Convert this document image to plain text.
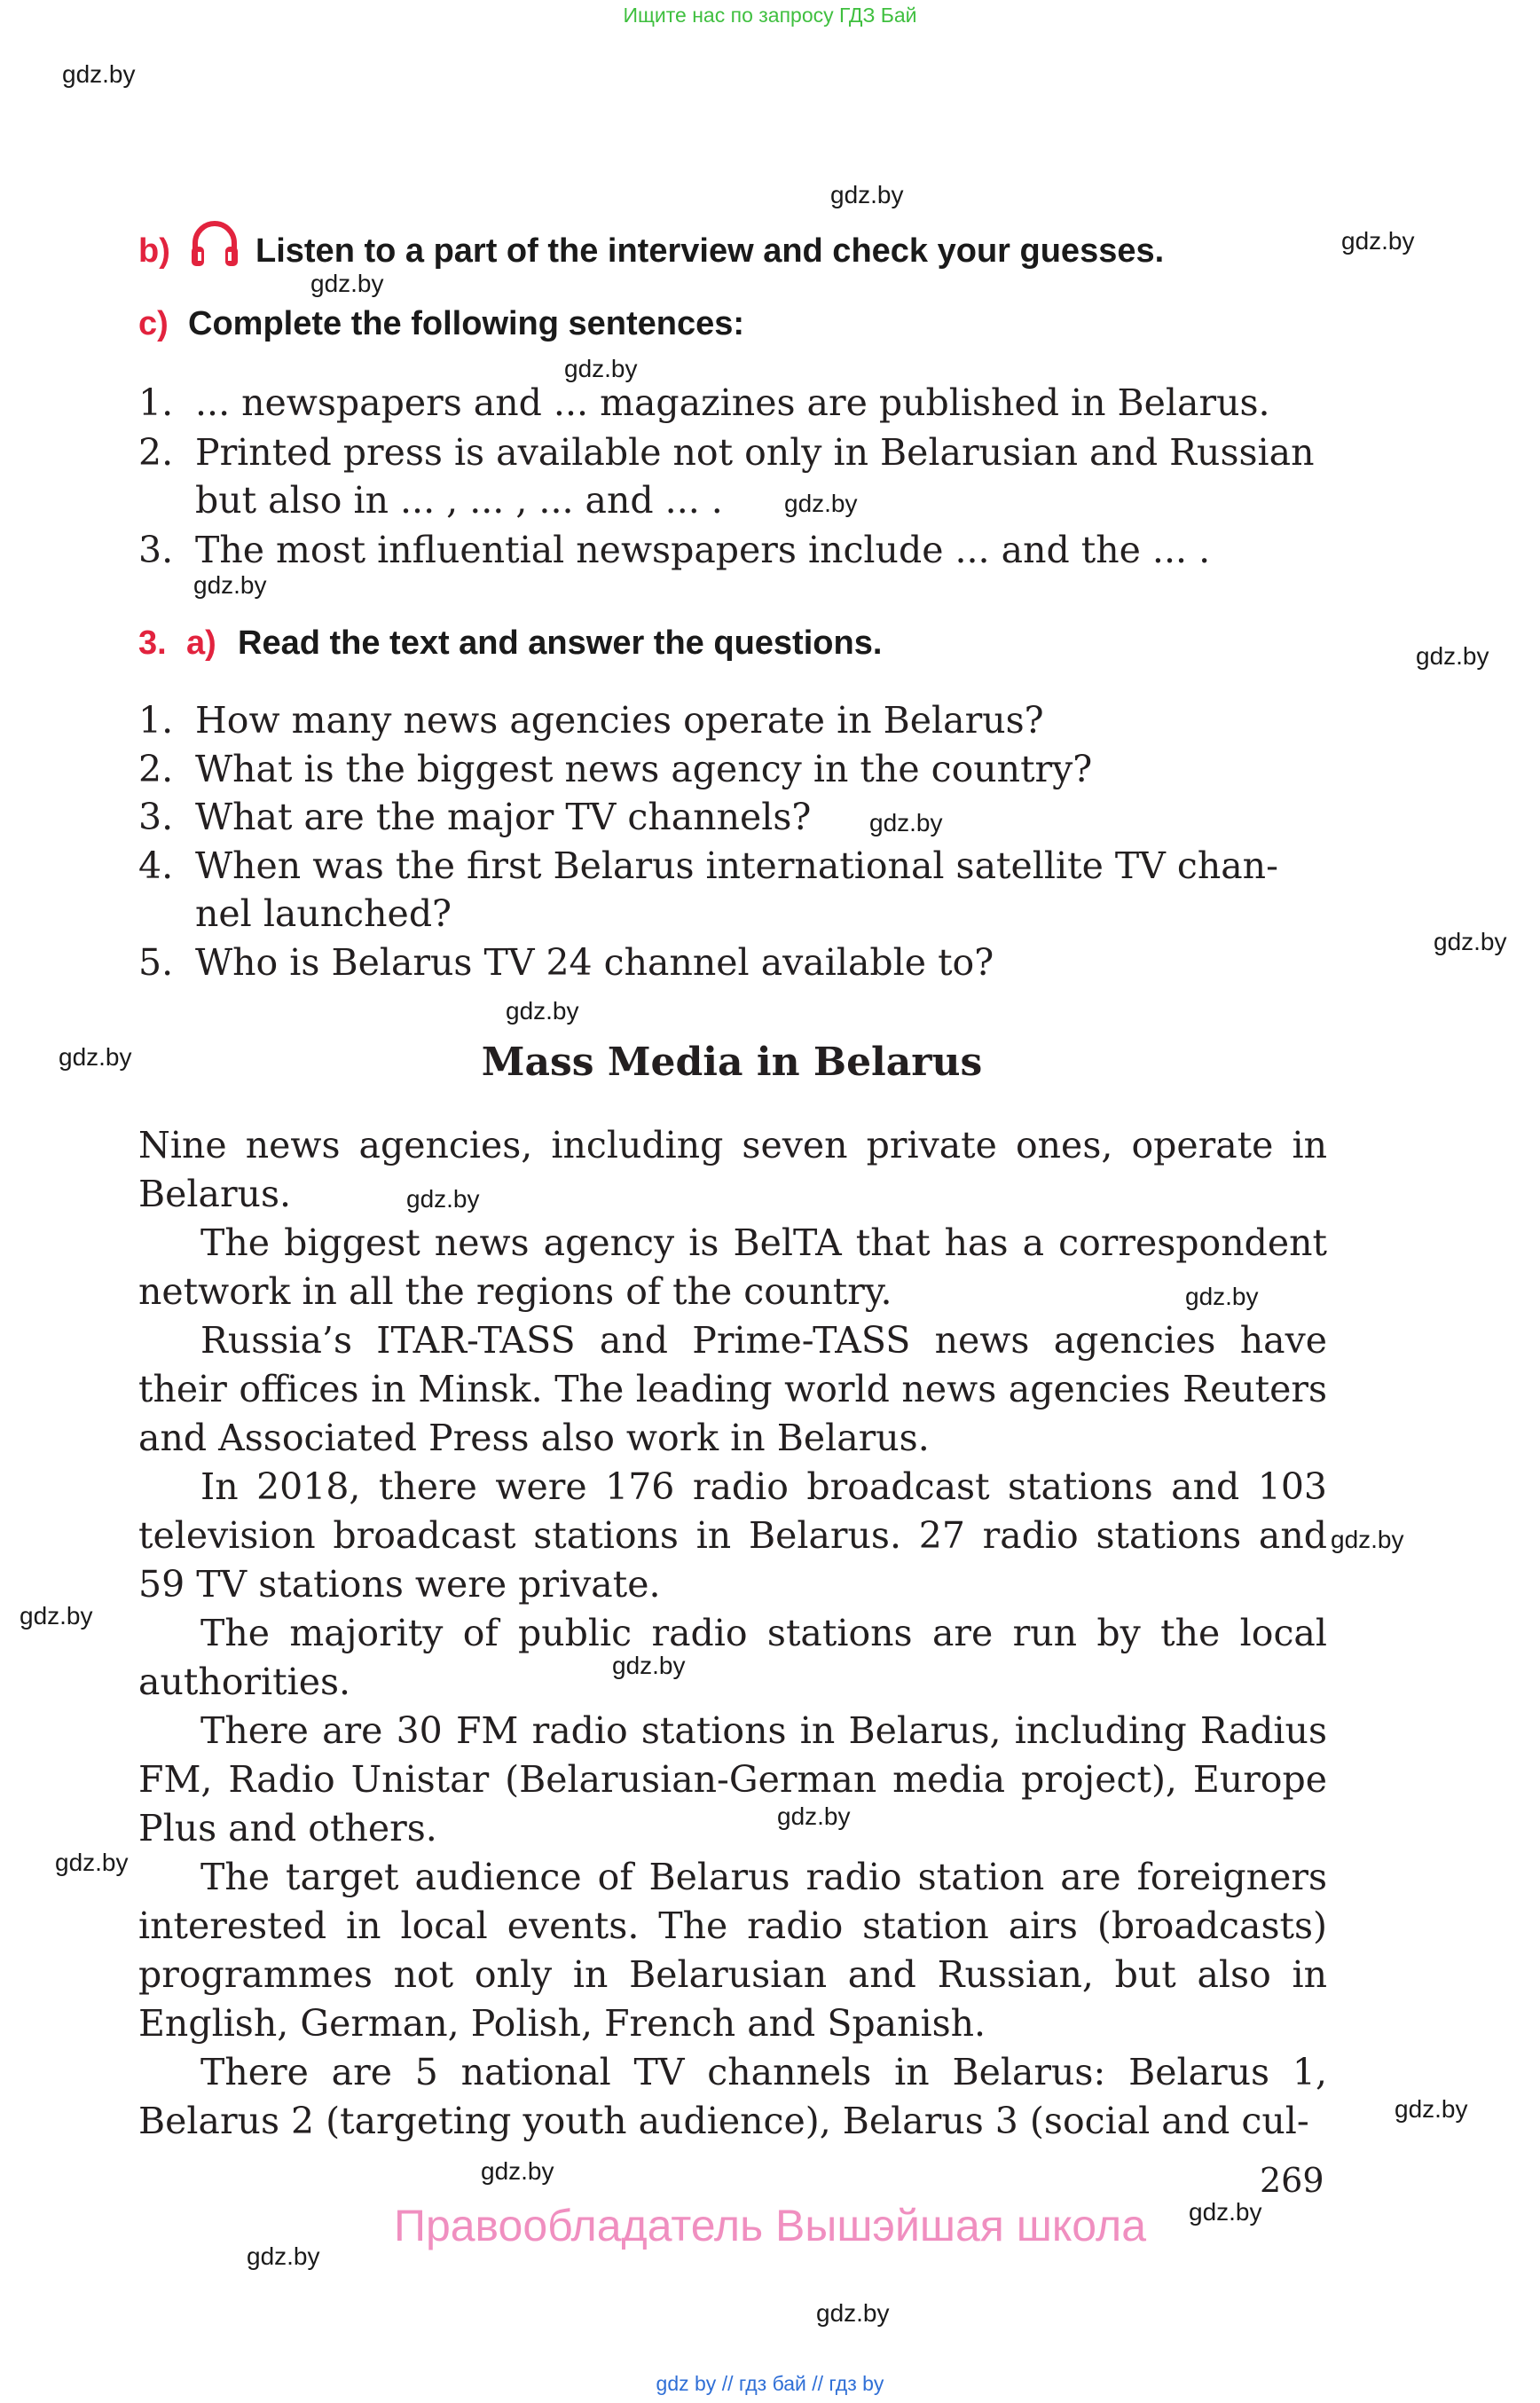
Ищите нас по запросу ГДЗ Бай
gdz.by
gdz.by
gdz.by
gdz.by
gdz.by
gdz.by
gdz.by
gdz.by
gdz.by
gdz.by
gdz.by
gdz.by
gdz.by
gdz.by
gdz.by
gdz.by
gdz.by
gdz.by
gdz.by
gdz.by
gdz.by
gdz.by
gdz.by
gdz.by
b)	Listen to a part of the interview and check your guesses.
c) Complete the following sentences:
1. ... newspapers and ... magazines are published in Belarus.
2. Printed press is available not only in Belarusian and Russian
but also in ... , ... , ... and ... .
3. The most influential newspapers include ... and the ... .
3. a) Read the text and answer the questions.
1. How many news agencies operate in Belarus?
2. What is the biggest news agency in the country?
3. What are the major TV channels?
4. When was the first Belarus international satellite TV chan-
nel launched?
5. Who is Belarus TV 24 channel available to?
Mass Media in Belarus

Nine news agencies, including seven private ones, operate in Belarus.

The biggest news agency is BelTA that has a correspondent network in all the regions of the country.

Russia’s ITAR-TASS and Prime-TASS news agencies have their offices in Minsk. The leading world news agencies Reuters and Associated Press also work in Belarus.

In 2018, there were 176 radio broadcast stations and 103 television broadcast stations in Belarus. 27 radio stations and 59 TV stations were private.

The majority of public radio stations are run by the local authorities.

There are 30 FM radio stations in Belarus, including Radius FM, Radio Unistar (Belarusian-German media project), Europe Plus and others.

The target audience of Belarus radio station are foreigners interested in local events. The radio station airs (broadcasts) programmes not only in Belarusian and Russian, but also in English, German, Polish, French and Spanish.

There are 5 national TV channels in Belarus: Belarus 1, Belarus 2 (targeting youth audience), Belarus 3 (social and cul-

269
Правообладатель Вышэйшая школа
gdz by // гдз бай // гдз by
